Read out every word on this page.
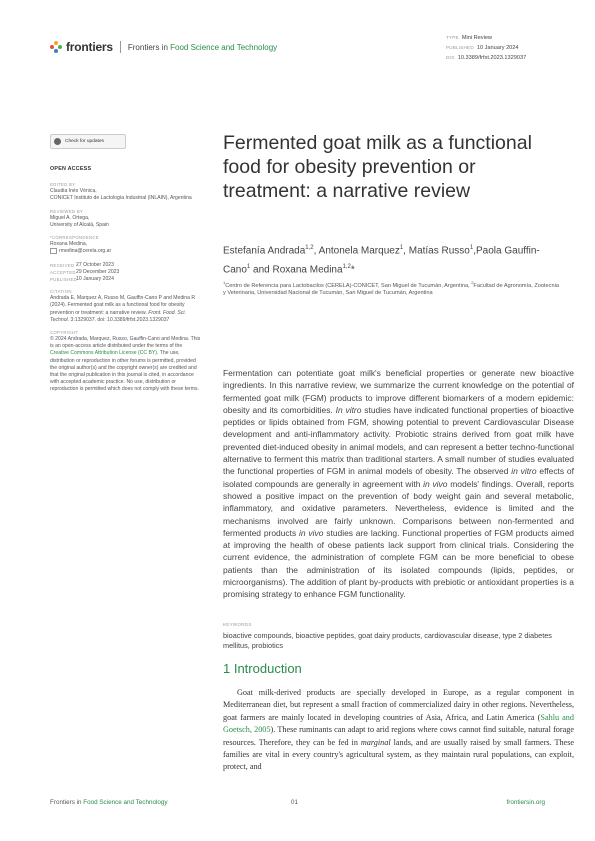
frontiers Frontiers in Food Science and Technology
TYPE Mini Review
PUBLISHED 10 January 2024
DOI 10.3389/frfst.2023.1329037
Check for updates
OPEN ACCESS
EDITED BY
Claudia Inés Vénica,
CONICET Instituto de Lactología Industrial (INLAIN), Argentina
REVIEWED BY
Miguel A. Ortega,
University of Alcalá, Spain
*CORRESPONDENCE
Roxana Medina,
rmedina@cerela.org.ar
RECEIVED 27 October 2023
ACCEPTED 29 December 2023
PUBLISHED
10 January 2024
CITATION
Andrada E, Marquez A, Russo M, Gauffin-Cano P and Medina R (2024). Fermented goat milk as a functional food for obesity prevention or treatment: a narrative review. Front. Food. Sci. Technol. 3:1329037. doi: 10.3389/frfst.2023.1329037
COPYRIGHT
© 2024 Andrada, Marquez, Russo, Gauffin-Cano and Medina. This is an open-access article distributed under the terms of the Creative Commons Attribution License (CC BY). The use, distribution or reproduction in other forums is permitted, provided the original author(s) and the copyright owner(s) are credited and that the original publication in this journal is cited, in accordance with accepted academic practice. No use, distribution or reproduction is permitted which does not comply with these terms.
Fermented goat milk as a functional food for obesity prevention or treatment: a narrative review
Estefanía Andrada$^{1,2}$, Antonela Marquez$^1$, Matías Russo$^1$,Paola Gauffin-Cano$^1$ and Roxana Medina$^{1,2}$*
$^1$Centro de Referencia para Lactobacilos (CERELA)-CONICET, San Miguel de Tucumán, Argentina, $^2$Facultad de Agronomía, Zootecnia y Veterinaria, Universidad Nacional de Tucumán, San Miguel de Tucumán, Argentina
Fermentation can potentiate goat milk's beneficial properties or generate new bioactive ingredients. In this narrative review, we summarize the current knowledge on the potential of fermented goat milk (FGM) products to improve different biomarkers of a modern epidemic: obesity and its comorbidities. In vitro studies have indicated functional properties of bioactive peptides or lipids obtained from FGM, showing potential to prevent Cardiovascular Disease development and anti-inflammatory activity. Probiotic strains derived from goat milk have prevented diet-induced obesity in animal models, and can represent a better techno-functional alternative to ferment this matrix than traditional starters. A small number of studies evaluated the functional properties of FGM in animal models of obesity. The observed in vitro effects of isolated compounds are generally in agreement with in vivo models' findings. Overall, reports showed a positive impact on the prevention of body weight gain and several metabolic, inflammatory, and oxidative parameters. Nevertheless, evidence is limited and the mechanisms involved are fairly unknown. Comparisons between non-fermented and fermented products in vivo studies are lacking. Functional properties of FGM products aimed at improving the health of obese patients lack support from clinical trials. Considering the current evidence, the administration of complete FGM can be more beneficial to obese patients than the administration of its isolated compounds (lipids, peptides, or microorganisms). The addition of plant by-products with prebiotic or antioxidant properties is a promising strategy to enhance FGM functionality.
KEYWORDS
bioactive compounds, bioactive peptides, goat dairy products, cardiovascular disease, type 2 diabetes mellitus, probiotics
1 Introduction
Goat milk-derived products are specially developed in Europe, as a regular component in Mediterranean diet, but represent a small fraction of commercialized dairy in other regions. Nevertheless, goat farmers are mainly located in developing countries of Asia, Africa, and Latin America (Sahlu and Goetsch, 2005). These ruminants can adapt to arid regions where cows cannot find suitable, natural forage resources. Therefore, they can be fed in marginal lands, and are usually raised by small farmers. These families are vital in every country's agricultural system, as they maintain rural populations, can exploit, protect, and
Frontiers in Food Science and Technology	01	frontiersin.org
